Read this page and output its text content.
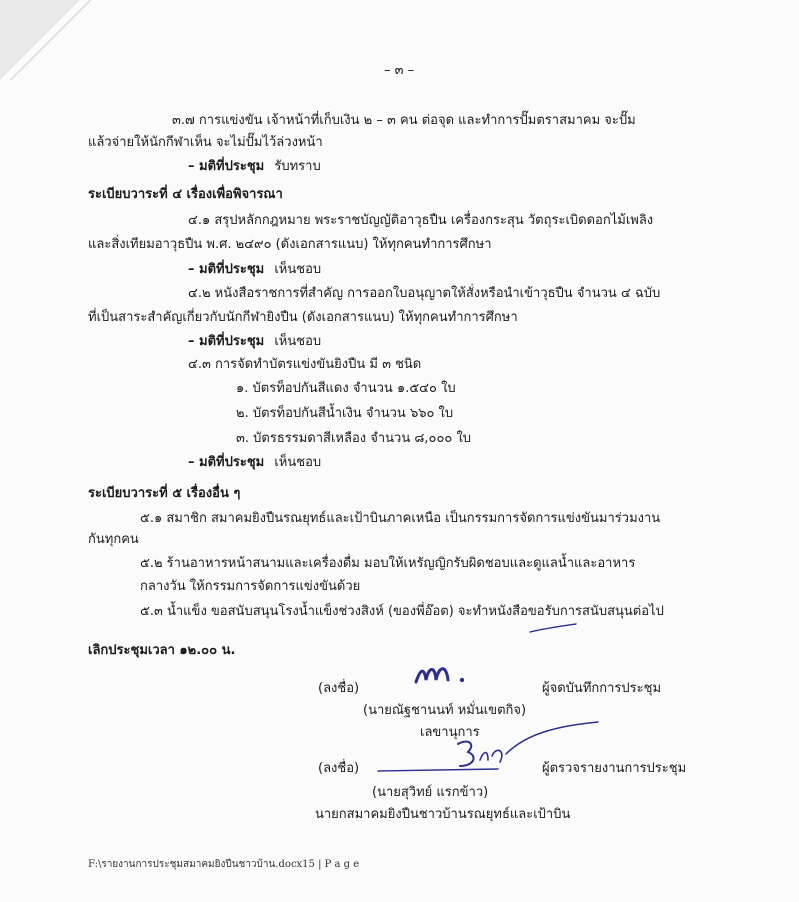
– ๓ –
๓.๗ การแข่งขัน เจ้าหน้าที่เก็บเงิน ๒ – ๓ คน ต่อจุด และทำการปั๊มตราสมาคม จะปั๊ม
แล้วจ่ายให้นักกีฬาเห็น จะไม่ปั๊มไว้ล่วงหน้า
– มติที่ประชุม รับทราบ
ระเบียบวาระที่ ๔ เรื่องเพื่อพิจารณา
๔.๑ สรุปหลักกฎหมาย พระราชบัญญัติอาวุธปืน เครื่องกระสุน วัตถุระเบิดดอกไม้เพลิง
และสิ่งเทียมอาวุธปืน พ.ศ. ๒๔๙๐ (ดังเอกสารแนบ) ให้ทุกคนทำการศึกษา
– มติที่ประชุม เห็นชอบ
๔.๒ หนังสือราชการที่สำคัญ การออกใบอนุญาตให้สั่งหรือนำเข้าวุธปืน จำนวน ๔ ฉบับ
ที่เป็นสาระสำคัญเกี่ยวกับนักกีฬายิงปืน (ดังเอกสารแนบ) ให้ทุกคนทำการศึกษา
– มติที่ประชุม เห็นชอบ
๔.๓ การจัดทำบัตรแข่งขันยิงปืน มี ๓ ชนิด
๑. บัตรท็อปกันสีแดง จำนวน ๑.๕๔๐ ใบ
๒. บัตรท็อปกันสีน้ำเงิน จำนวน ๖๖๐ ใบ
๓. บัตรธรรมดาสีเหลือง จำนวน ๘,๐๐๐ ใบ
– มติที่ประชุม เห็นชอบ
ระเบียบวาระที่ ๕ เรื่องอื่น ๆ
๕.๑ สมาชิก สมาคมยิงปืนรณยุทธ์และเป้าบินภาคเหนือ เป็นกรรมการจัดการแข่งขันมาร่วมงาน
กันทุกคน
๕.๒ ร้านอาหารหน้าสนามและเครื่องดื่ม มอบให้เหรัญญิกรับผิดชอบและดูแลน้ำและอาหาร
กลางวัน ให้กรรมการจัดการแข่งขันด้วย
๕.๓ น้ำแข็ง ขอสนับสนุนโรงน้ำแข็งช่วงสิงห์ (ของพี่อ๊อต) จะทำหนังสือขอรับการสนับสนุนต่อไป
เลิกประชุมเวลา ๑๒.๐๐ น.
(ลงชื่อ)	ผู้จดบันทึกการประชุม
(นายณัฐชานนท์ หมั่นเขตกิจ)
เลขานุการ
(ลงชื่อ)	ผู้ตรวจรายงานการประชุม
(นายสุวิทย์ แรกข้าว)
นายกสมาคมยิงปืนชาวบ้านรณยุทธ์และเป้าบิน
F:\รายงานการประชุมสมาคมยิงปืนชาวบ้าน.docx15 | P a g e
